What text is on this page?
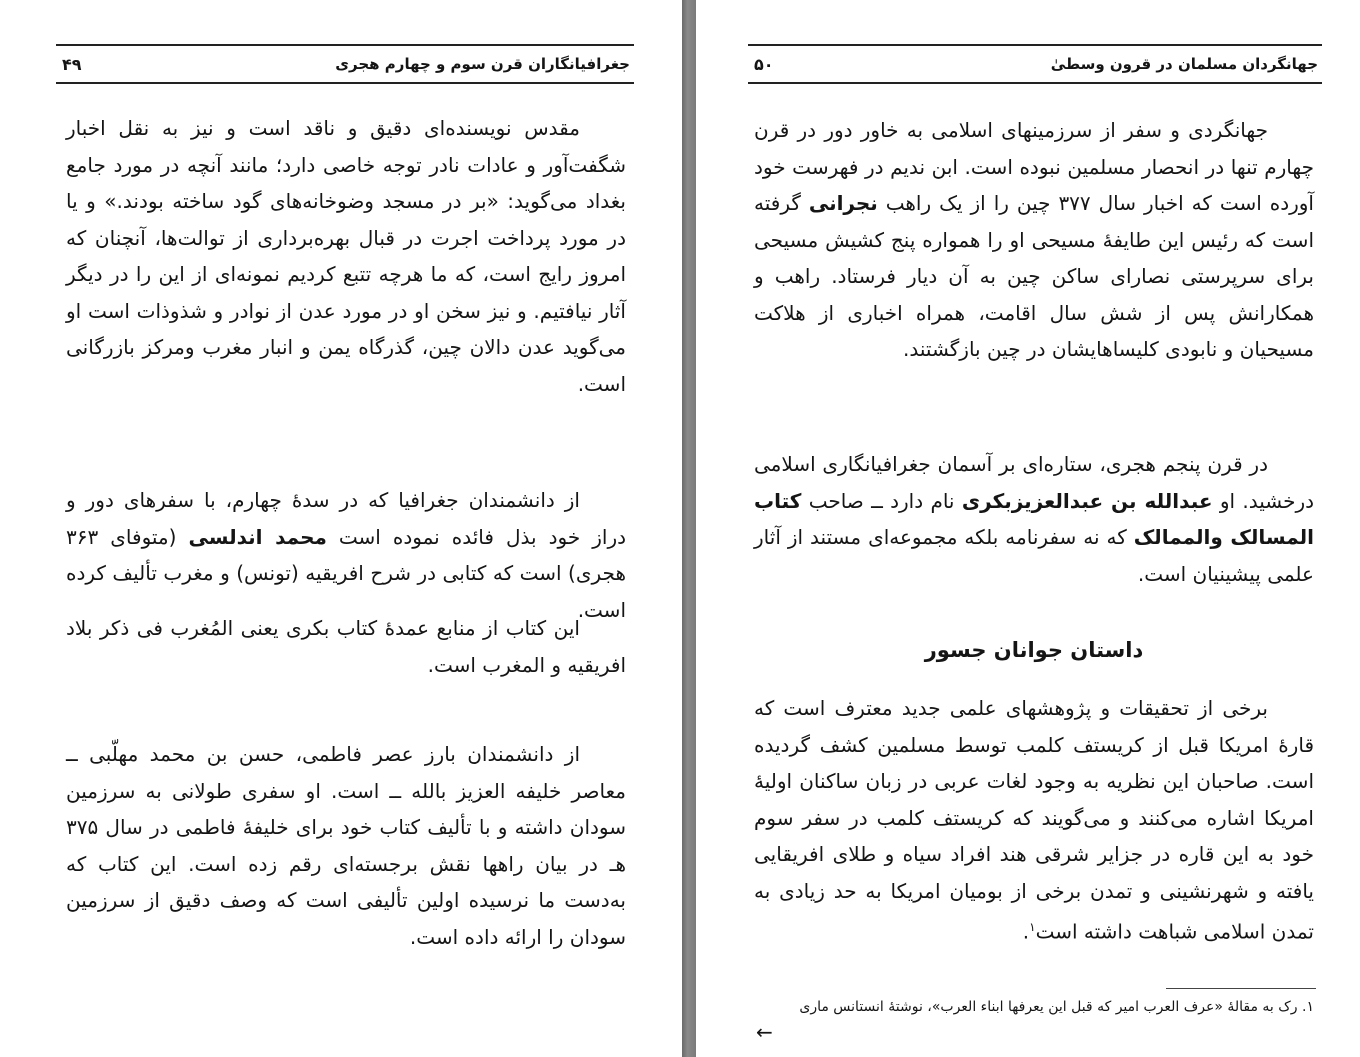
جغرافیانگاران قرن سوم و چهارم هجری
۴۹

مقدس نویسنده‌ای دقیق و ناقد است و نیز به نقل اخبار شگفت‌آور و عادات نادر توجه خاصی دارد؛ مانند آنچه در مورد جامع بغداد می‌گوید: «بر در مسجد وضوخانه‌های گود ساخته بودند.» و یا در مورد پرداخت اجرت در قبال بهره‌برداری از توالت‌ها، آنچنان که امروز رایج است، که ما هرچه تتبع کردیم نمونه‌ای از این را در دیگر آثار نیافتیم. و نیز سخن او در مورد عدن از نوادر و شذوذات است او می‌گوید عدن دالان چین، گذرگاه یمن و انبار مغرب ومرکز بازرگانی است.

از دانشمندان جغرافیا که در سدهٔ چهارم، با سفرهای دور و دراز خود بذل فائده نموده است محمد اندلسی (متوفای ۳۶۳ هجری) است که کتابی در شرح افریقیه (تونس) و مغرب تألیف کرده است.

این کتاب از منابع عمدهٔ کتاب بکری یعنی المُغرب فی ذکر بلاد افریقیه و المغرب است.

از دانشمندان بارز عصر فاطمی، حسن بن محمد مهلّبی ــ معاصر خلیفه العزیز بالله ــ است. او سفری طولانی به سرزمین سودان داشته و با تألیف کتاب خود برای خلیفهٔ فاطمی در سال ۳۷۵ هـ در بیان راهها نقش برجسته‌ای رقم زده است. این کتاب که به‌دست ما نرسیده اولین تألیفی است که وصف دقیق از سرزمین سودان را ارائه داده است.

جهانگردان مسلمان در قرون وسطیٰ
۵۰

جهانگردی و سفر از سرزمینهای اسلامی به خاور دور در قرن چهارم تنها در انحصار مسلمین نبوده است. ابن ندیم در فهرست خود آورده است که اخبار سال ۳۷۷ چین را از یک راهب نجرانی گرفته است که رئیس این طایفهٔ مسیحی او را همواره پنج کشیش مسیحی برای سرپرستی نصارای ساکن چین به آن دیار فرستاد. راهب و همکارانش پس از شش سال اقامت، همراه اخباری از هلاکت مسیحیان و نابودی کلیساهایشان در چین بازگشتند.

در قرن پنجم هجری، ستاره‌ای بر آسمان جغرافیانگاری اسلامی درخشید. او عبدالله بن عبدالعزیزبکری نام دارد ــ صاحب کتاب المسالک والممالک که نه سفرنامه بلکه مجموعه‌ای مستند از آثار علمی پیشینیان است.

داستان جوانان جسور

برخی از تحقیقات و پژوهشهای علمی جدید معترف است که قارهٔ امریکا قبل از کریستف کلمب توسط مسلمین کشف گردیده است. صاحبان این نظریه به وجود لغات عربی در زبان ساکنان اولیهٔ امریکا اشاره می‌کنند و می‌گویند که کریستف کلمب در سفر سوم خود به این قاره در جزایر شرقی هند افراد سیاه و طلای افریقایی یافته و شهرنشینی و تمدن برخی از بومیان امریکا به حد زیادی به تمدن اسلامی شباهت داشته است$^۱$.

۱. رک به مقالهٔ «عرف العرب امیر که قبل این یعرفها ابناء العرب»، نوشتهٔ انستانس ماری
←
